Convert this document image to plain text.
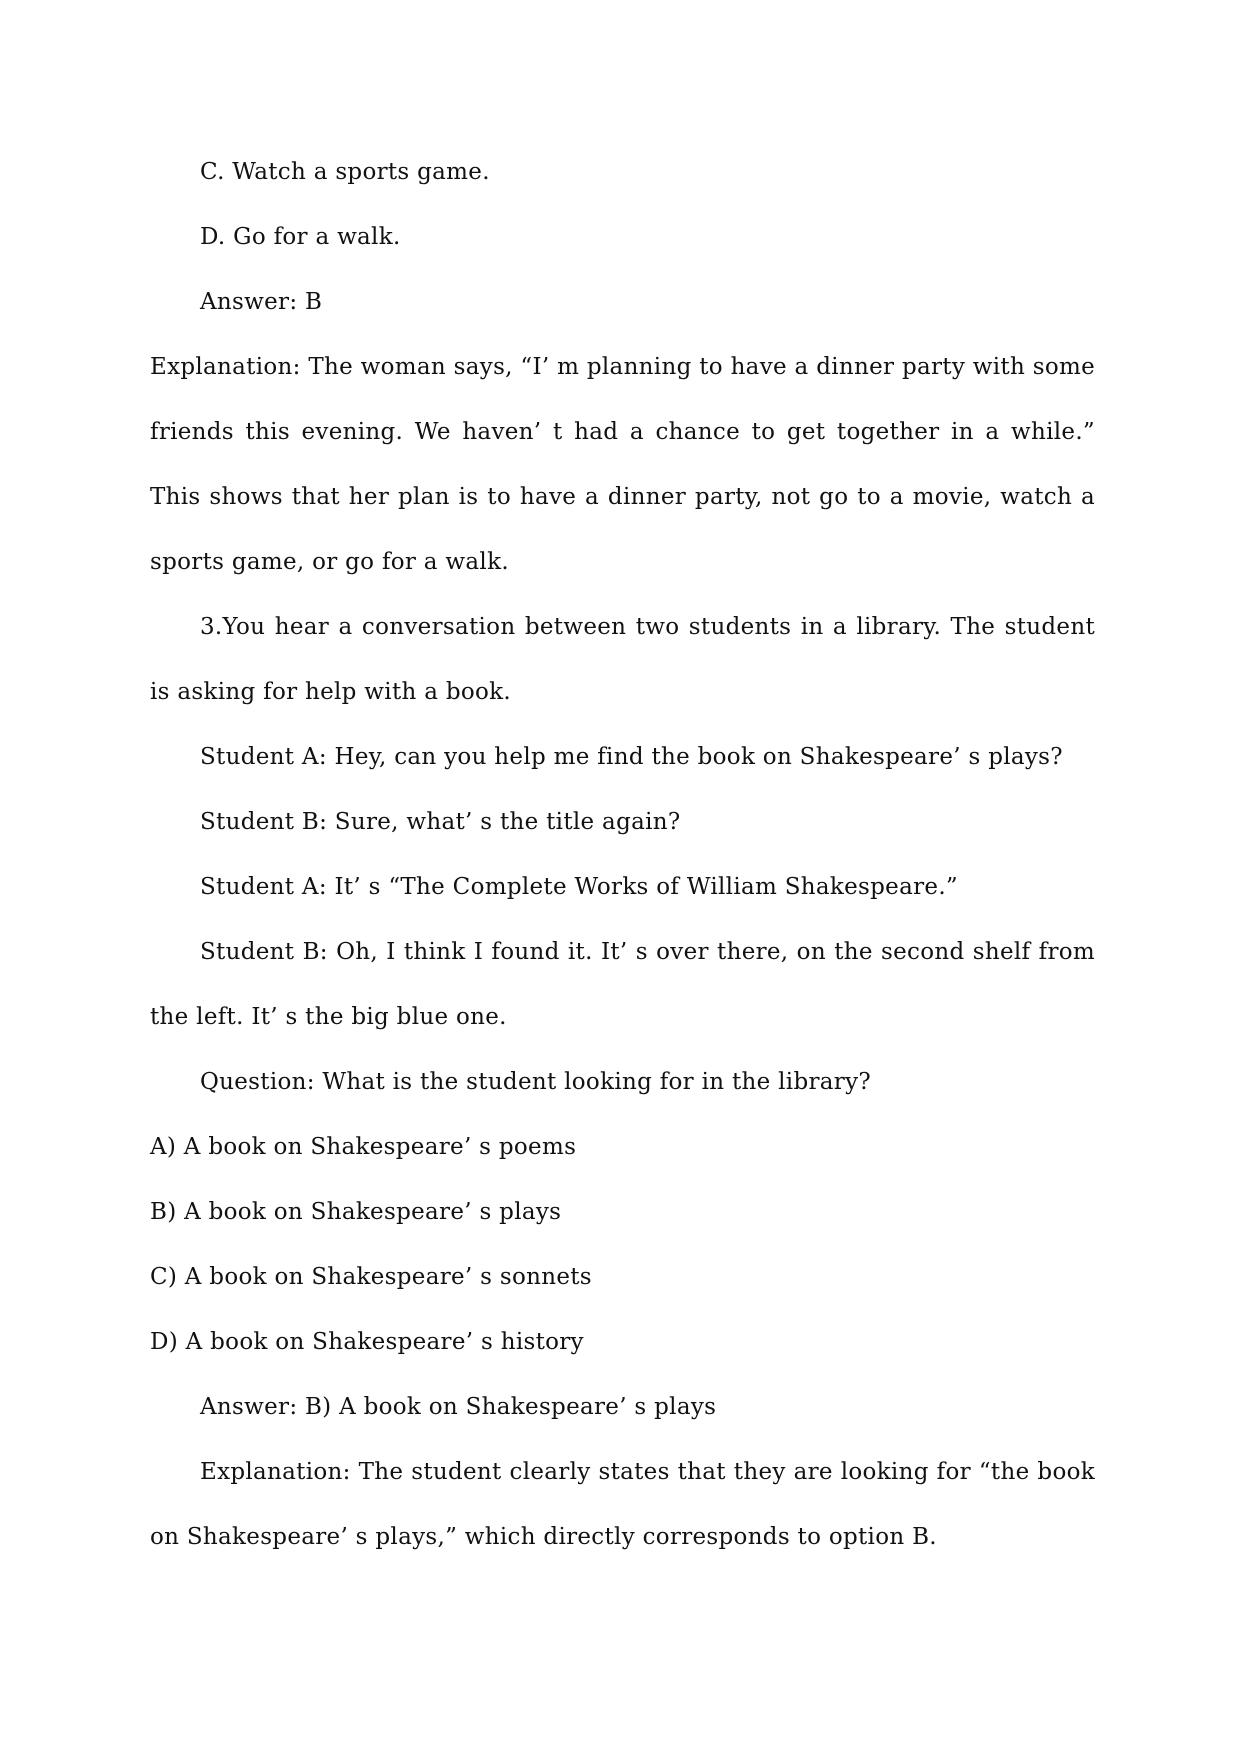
C. Watch a sports game.

D. Go for a walk.

Answer: B

Explanation: The woman says, “I’ m planning to have a dinner party with some friends this evening. We haven’ t had a chance to get together in a while.” This shows that her plan is to have a dinner party, not go to a movie, watch a sports game, or go for a walk.

3.You hear a conversation between two students in a library. The student is asking for help with a book.

Student A: Hey, can you help me find the book on Shakespeare’ s plays?

Student B: Sure, what’ s the title again?

Student A: It’ s “The Complete Works of William Shakespeare.”

Student B: Oh, I think I found it. It’ s over there, on the second shelf from the left. It’ s the big blue one.

Question: What is the student looking for in the library?

A) A book on Shakespeare’ s poems

B) A book on Shakespeare’ s plays

C) A book on Shakespeare’ s sonnets

D) A book on Shakespeare’ s history

Answer: B) A book on Shakespeare’ s plays

Explanation: The student clearly states that they are looking for “the book on Shakespeare’ s plays,” which directly corresponds to option B.
